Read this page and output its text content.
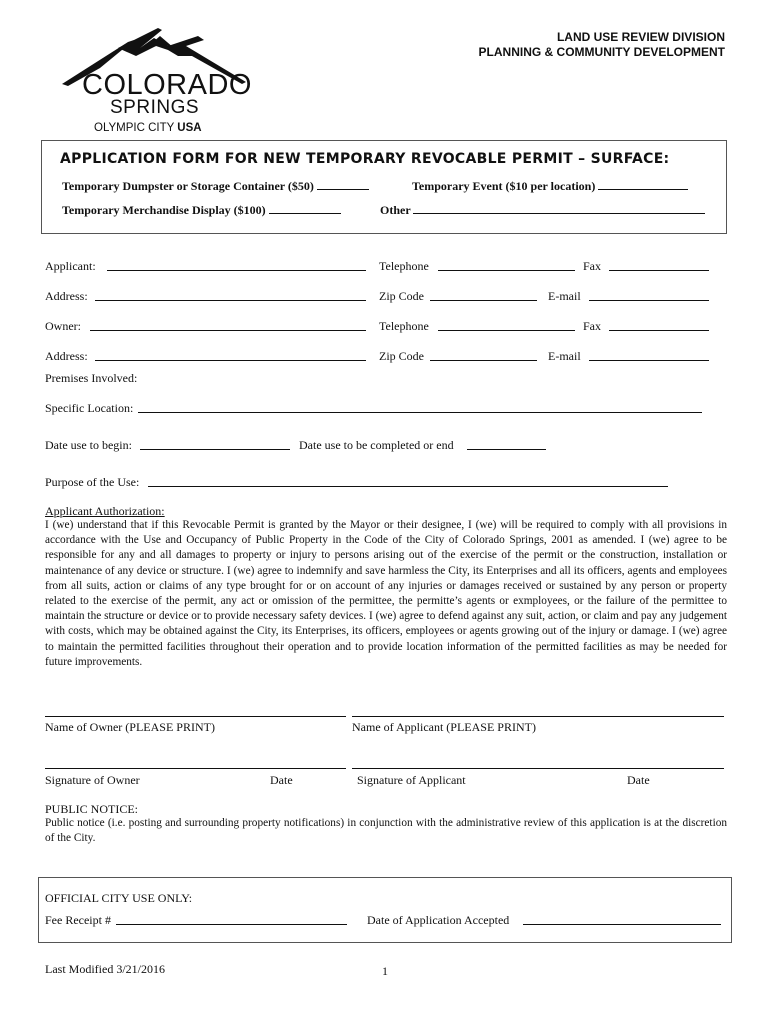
COLORADO
SPRINGS
OLYMPIC CITY USA
LAND USE REVIEW DIVISION
PLANNING & COMMUNITY DEVELOPMENT
APPLICATION FORM FOR NEW TEMPORARY REVOCABLE PERMIT – SURFACE:
Temporary Dumpster or Storage Container ($50)	Temporary Event ($10 per location)
Temporary Merchandise Display ($100)	Other
Applicant:	Telephone	Fax
Address:	Zip Code	E-mail
Owner:	Telephone	Fax
Address:	Zip Code	E-mail
Premises Involved:
Specific Location:
Date use to begin:	Date use to be completed or end
Purpose of the Use:
Applicant Authorization:
I (we) understand that if this Revocable Permit is granted by the Mayor or their designee, I (we) will be required to comply with all provisions in accordance with the Use and Occupancy of Public Property in the Code of the City of Colorado Springs, 2001 as amended. I (we) agree to be responsible for any and all damages to property or injury to persons arising out of the exercise of the permit or the construction, installation or maintenance of any device or structure. I (we) agree to indemnify and save harmless the City, its Enterprises and all its officers, agents and employees from all suits, action or claims of any type brought for or on account of any injuries or damages received or sustained by any person or property related to the exercise of the permit, any act or omission of the permittee, the permitte’s agents or exmployees, or the failure of the permittee to maintain the structure or device or to provide necessary safety devices. I (we) agree to defend against any suit, action, or claim and pay any judgement with costs, which may be obtained against the City, its Enterprises, its officers, employees or agents growing out of the injury or damage. I (we) agree to maintain the permitted facilities throughout their operation and to provide location information of the permitted facilities as may be needed for future improvements.
Name of Owner (PLEASE PRINT)	Name of Applicant (PLEASE PRINT)
Signature of Owner	Date	Signature of Applicant	Date
PUBLIC NOTICE:
Public notice (i.e. posting and surrounding property notifications) in conjunction with the administrative review of this application is at the discretion of the City.
OFFICIAL CITY USE ONLY:
Fee Receipt #	Date of Application Accepted
Last Modified 3/21/2016	1
